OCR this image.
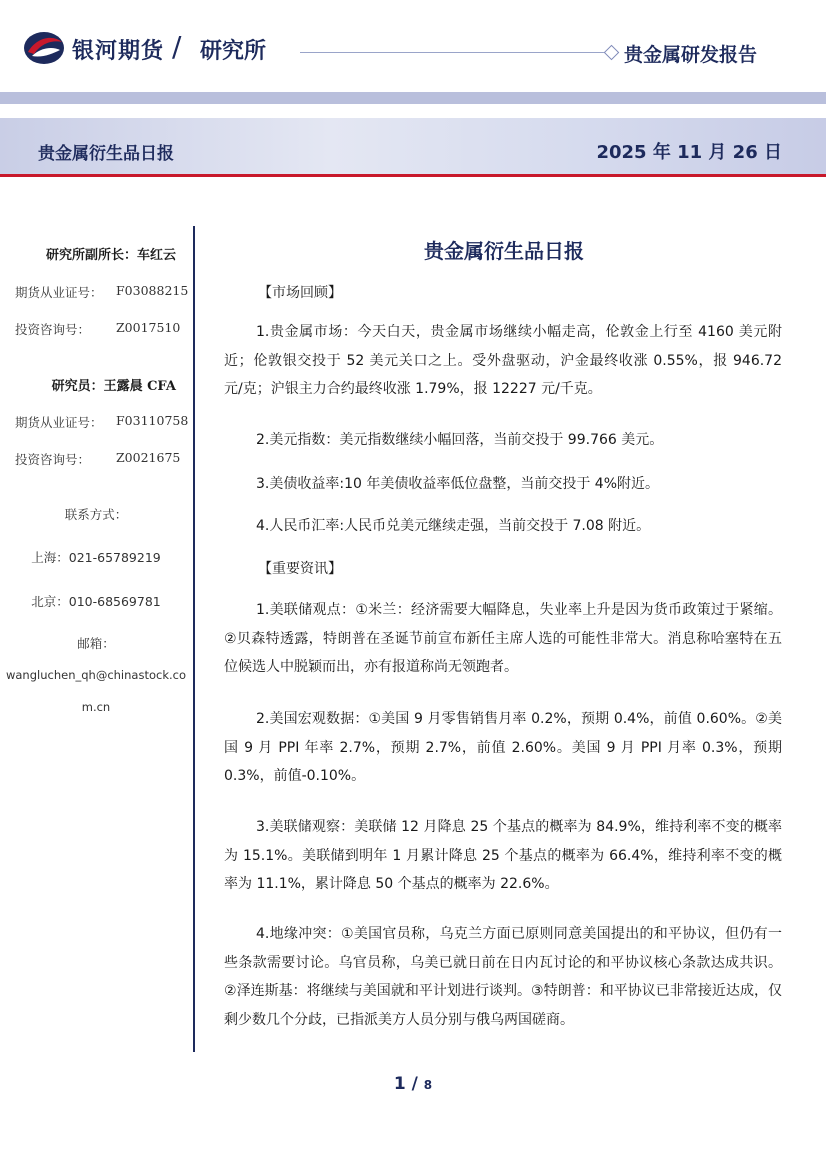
银河期货 / 研究所	贵金属研发报告
贵金属衍生品日报	2025 年 11 月 26 日
研究所副所长：车红云
期货从业证号： F03088215
投资咨询号： Z0017510
研究员：王露晨 CFA
期货从业证号： F03110758
投资咨询号： Z0021675
联系方式：
上海：021-65789219
北京：010-68569781
邮箱：
wangluchen_qh@chinastock.co
m.cn
贵金属衍生品日报
【市场回顾】
1.贵金属市场：今天白天，贵金属市场继续小幅走高，伦敦金上行至 4160 美元附近；伦敦银交投于 52 美元关口之上。受外盘驱动，沪金最终收涨 0.55%，报 946.72 元/克；沪银主力合约最终收涨 1.79%，报 12227 元/千克。
2.美元指数：美元指数继续小幅回落，当前交投于 99.766 美元。
3.美债收益率:10 年美债收益率低位盘整，当前交投于 4%附近。
4.人民币汇率:人民币兑美元继续走强，当前交投于 7.08 附近。
【重要资讯】
1.美联储观点：①米兰：经济需要大幅降息，失业率上升是因为货币政策过于紧缩。②贝森特透露，特朗普在圣诞节前宣布新任主席人选的可能性非常大。消息称哈塞特在五位候选人中脱颖而出，亦有报道称尚无领跑者。
2.美国宏观数据：①美国 9 月零售销售月率 0.2%，预期 0.4%，前值 0.60%。②美国 9 月 PPI 年率 2.7%，预期 2.7%，前值 2.60%。美国 9 月 PPI 月率 0.3%，预期 0.3%，前值-0.10%。
3.美联储观察：美联储 12 月降息 25 个基点的概率为 84.9%，维持利率不变的概率为 15.1%。美联储到明年 1 月累计降息 25 个基点的概率为 66.4%，维持利率不变的概率为 11.1%，累计降息 50 个基点的概率为 22.6%。
4.地缘冲突：①美国官员称，乌克兰方面已原则同意美国提出的和平协议，但仍有一些条款需要讨论。乌官员称，乌美已就日前在日内瓦讨论的和平协议核心条款达成共识。②泽连斯基：将继续与美国就和平计划进行谈判。③特朗普：和平协议已非常接近达成，仅剩少数几个分歧，已指派美方人员分别与俄乌两国磋商。
1 / 8
